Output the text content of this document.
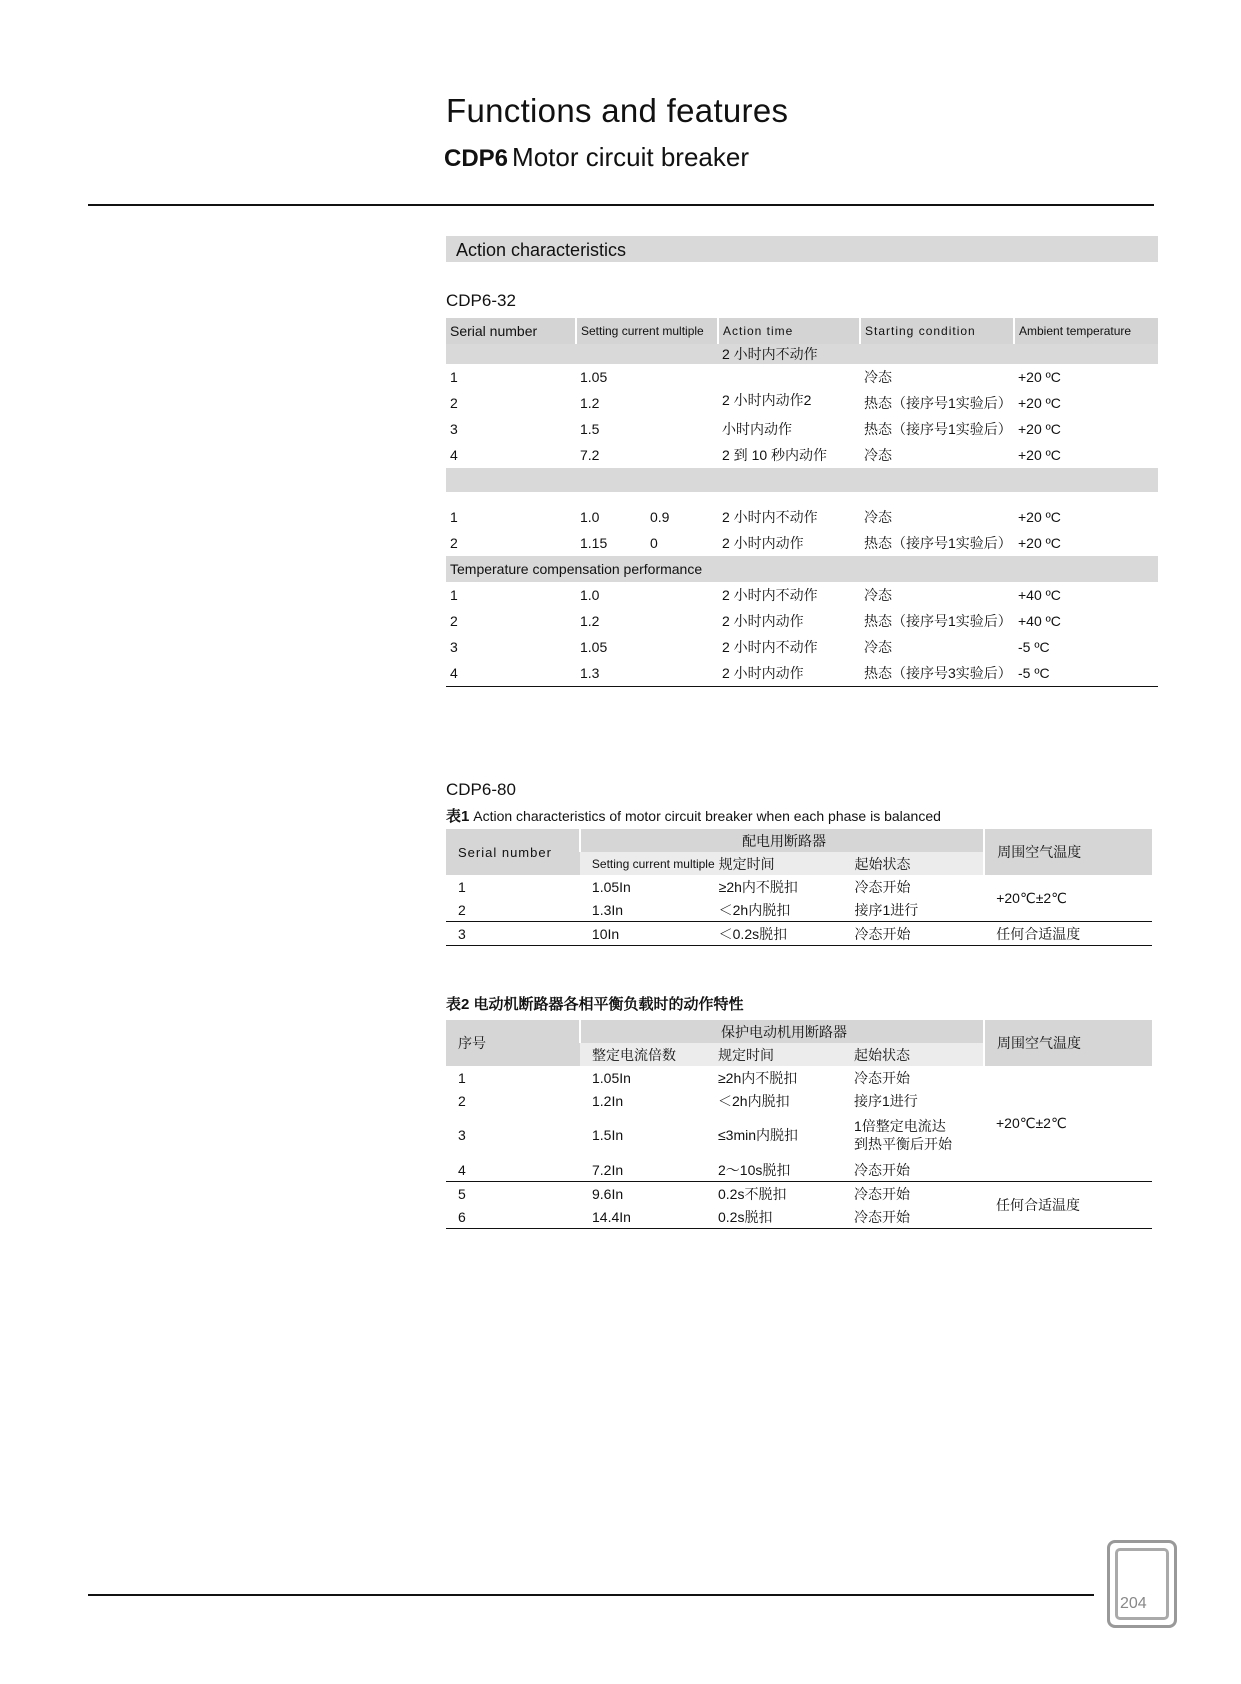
Functions and features
CDP6 Motor circuit breaker
Action characteristics
CDP6-32
Serial number	Setting current multiple		Action time	Starting condition	Ambient temperature
			2 小时内不动作		
1	1.05			冷态	+20 ºC
2	1.2		2 小时内动作2	热态（接序号1实验后）	+20 ºC
3	1.5		小时内动作	热态（接序号1实验后）	+20 ºC
4	7.2		2 到 10 秒内动作	冷态	+20 ºC

1	1.0	0.9	2 小时内不动作	冷态	+20 ºC
2	1.15	0	2 小时内动作	热态（接序号1实验后）	+20 ºC
Temperature compensation performance					
1	1.0		2 小时内不动作	冷态	+40 ºC
2	1.2		2 小时内动作	热态（接序号1实验后）	+40 ºC
3	1.05		2 小时内不动作	冷态	-5 ºC
4	1.3		2 小时内动作	热态（接序号3实验后）	-5 ºC
CDP6-80
表1 Action characteristics of motor circuit breaker when each phase is balanced
Serial number	配电用断路器			周围空气温度
	Setting current multiple	规定时间	起始状态	
1	1.05In	≥2h内不脱扣	冷态开始	+20℃±2℃
2	1.3In	＜2h内脱扣	接序1进行	
3	10In	＜0.2s脱扣	冷态开始	任何合适温度
表2 电动机断路器各相平衡负载时的动作特性
序号	保护电动机用断路器			周围空气温度
	整定电流倍数	规定时间	起始状态	
1	1.05In	≥2h内不脱扣	冷态开始	+20℃±2℃
2	1.2In	＜2h内脱扣	接序1进行	
3	1.5In	≤3min内脱扣	1倍整定电流达
到热平衡后开始	

4	7.2In	2～10s脱扣	冷态开始	
5	9.6In	0.2s不脱扣	冷态开始	任何合适温度
6	14.4In	0.2s脱扣	冷态开始	
204
